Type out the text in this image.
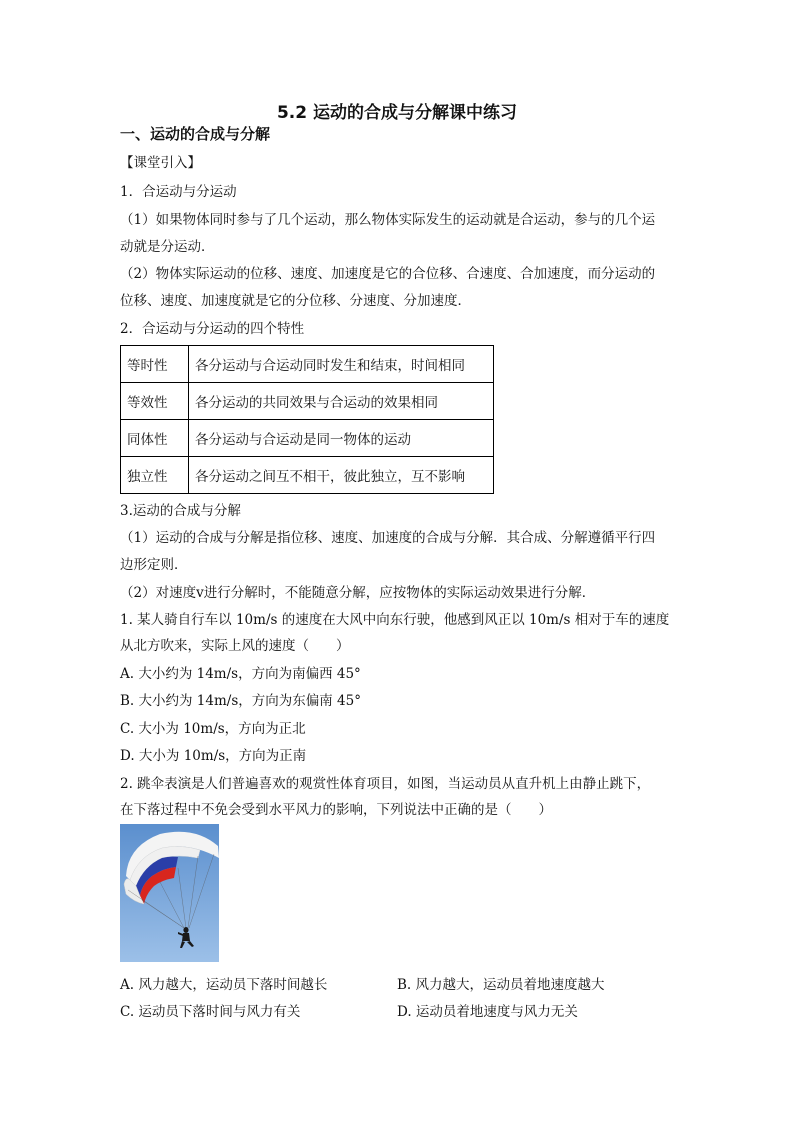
5.2 运动的合成与分解课中练习
一、运动的合成与分解
【课堂引入】
1．合运动与分运动
（1）如果物体同时参与了几个运动，那么物体实际发生的运动就是合运动，参与的几个运
动就是分运动．
（2）物体实际运动的位移、速度、加速度是它的合位移、合速度、合加速度，而分运动的
位移、速度、加速度就是它的分位移、分速度、分加速度．
2．合运动与分运动的四个特性
等时性	各分运动与合运动同时发生和结束，时间相同
等效性	各分运动的共同效果与合运动的效果相同
同体性	各分运动与合运动是同一物体的运动
独立性	各分运动之间互不相干，彼此独立，互不影响
3.运动的合成与分解
（1）运动的合成与分解是指位移、速度、加速度的合成与分解．其合成、分解遵循平行四
边形定则．
（2）对速度v进行分解时，不能随意分解，应按物体的实际运动效果进行分解．
1. 某人骑自行车以 10m/s 的速度在大风中向东行驶，他感到风正以 10m/s 相对于车的速度
从北方吹来，实际上风的速度（　　）
A. 大小约为 14m/s，方向为南偏西 45°
B. 大小约为 14m/s，方向为东偏南 45°
C. 大小为 10m/s，方向为正北
D. 大小为 10m/s，方向为正南
2. 跳伞表演是人们普遍喜欢的观赏性体育项目，如图，当运动员从直升机上由静止跳下，
在下落过程中不免会受到水平风力的影响，下列说法中正确的是（　　）
A. 风力越大，运动员下落时间越长	B. 风力越大，运动员着地速度越大
C. 运动员下落时间与风力有关	D. 运动员着地速度与风力无关
